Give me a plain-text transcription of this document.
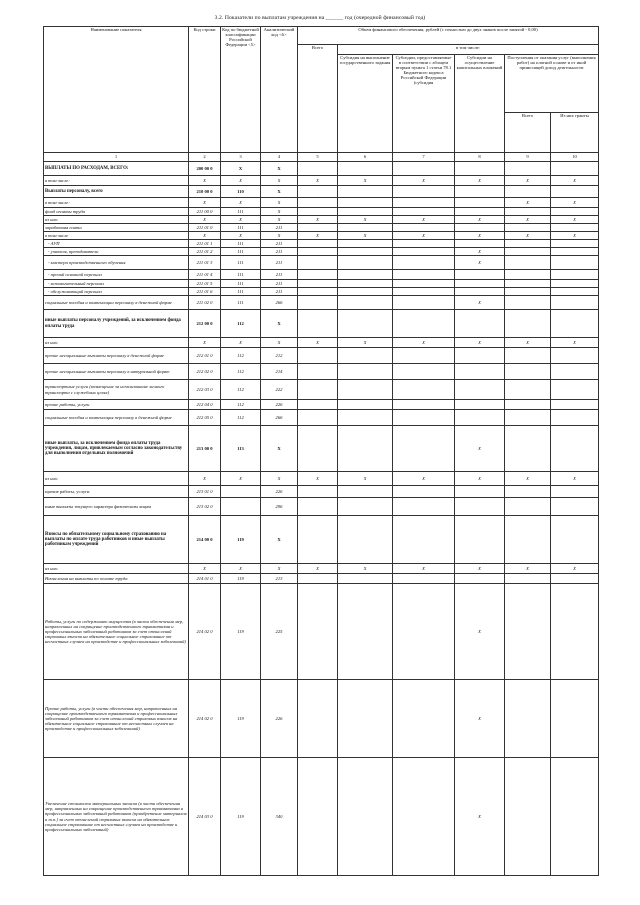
3.2. Показатели по выплатам учреждения на ______ год (очередной финансовый год)
Наименование показателя	Код строки	Код по бюджетной классификации Российской Федерации <5>	Аналитический код <6>	Объем финансового обеспечения, рублей (с точностью до двух знаков после запятой - 0,00)					
				Всего	в том числе:				
					Субсидия на выполнение государственного задания	Субсидии, предоставляемые в соответствии с абзацем вторым пункта 1 статьи 78.1 Бюджетного кодекса Российской Федерации (субсидия	Субсидии на осуществление капитальных вложений	Поступления от оказания услуг (выполнения работ) на платной основе и от иной приносящей доход деятельности	
								Всего	Из них гранты
1	2	3	4	5	6	7	8	9	10
ВЫПЛАТЫ ПО РАСХОДАМ, ВСЕГО:	200 00 0	X	X						
в том числе:	X	X	X	X	X	X	X	X	X
Выплаты персоналу, всего	210 00 0	110	X						
в том числе:	X	X	X					X	X
фонд оплаты труда	211 00 0	111	X						
из них:	X	X	X	X	X	X	X	X	X
заработная плата	211 01 0	111	211						
в том числе	X	X	X	X	X	X	X	X	X
- АУП	211 01 1	111	211						
- учителя, преподаватели	211 01 2	111	211				X		
- мастера производственного обучения	211 01 3	111	211				X		
- прочий основной персонал	211 01 4	111	211						
- вспомогательный персонал	211 01 5	111	211						
- обслуживающий персонал	211 01 6	111	211						
социальные пособия и компенсации персоналу в денежной форме	211 02 0	111	266				X		
иные выплаты персоналу учреждений, за исключением фонда оплаты труда	212 00 0	112	X						
из них:	X	X	X	X	X	X	X	X	X
прочие несоциальные выплаты персоналу в денежной форме	212 01 0	112	212						
прочие несоциальные выплаты персоналу в натуральной форме	212 02 0	112	214						
транспортные услуги (возмещение за использование личного транспорта с служебных целях)	212 03 0	112	222						
прочие работы, услуги	212 04 0	112	226						
социальные пособия и компенсация персоналу в денежной форме	212 05 0	112	266						
иные выплаты, за исключением фонда оплаты труда учреждения, лицам, привлекаемым согласно законодательству для выполнения отдельных полномочий	213 00 0	113	X				X		
из них:	X	X	X	X	X	X	X	X	X
прочие работы, услуги	213 01 0		226						
иные выплаты текущего характера физическим лицам	213 02 0		296						
Взносы по обязательному социальному страхованию на выплаты по оплате труда работников и иные выплаты работникам учреждений	214 00 0	119	X						
из них:	X	X	X	X	X	X	X	X	X
Начисления на выплаты по оплате труда	214 01 0	119	213						
Работы, услуги по содержанию имущества (в части обеспечения мер, направленных на сокращение производственного травматизма и профессиональных заболеваний работников за счет отчислений страховых взносов на обязательное социальное страхование от несчастных случаев на производстве и профессиональных заболеваний)	214 02 0	119	225				X		
Прочие работы, услуги (в части обеспечения мер, направленных на сокращение производственного травматизма и профессиональных заболеваний работников за счет отчислений страховых взносов на обязательное социальное страхование от несчастных случаев на производстве и профессиональных заболеваний)	214 02 0	119	226				X		
Увеличение стоимости материальных запасов (в части обеспечения мер, направленных на сокращение производственного травматизма и профессиональных заболеваний работников (приобретение материалов и т.п.) за счет отчислений страховых взносов на обязательное социальное страхование от несчастных случаев на производстве и профессиональных заболеваний)	214 03 0	119	340				X		
